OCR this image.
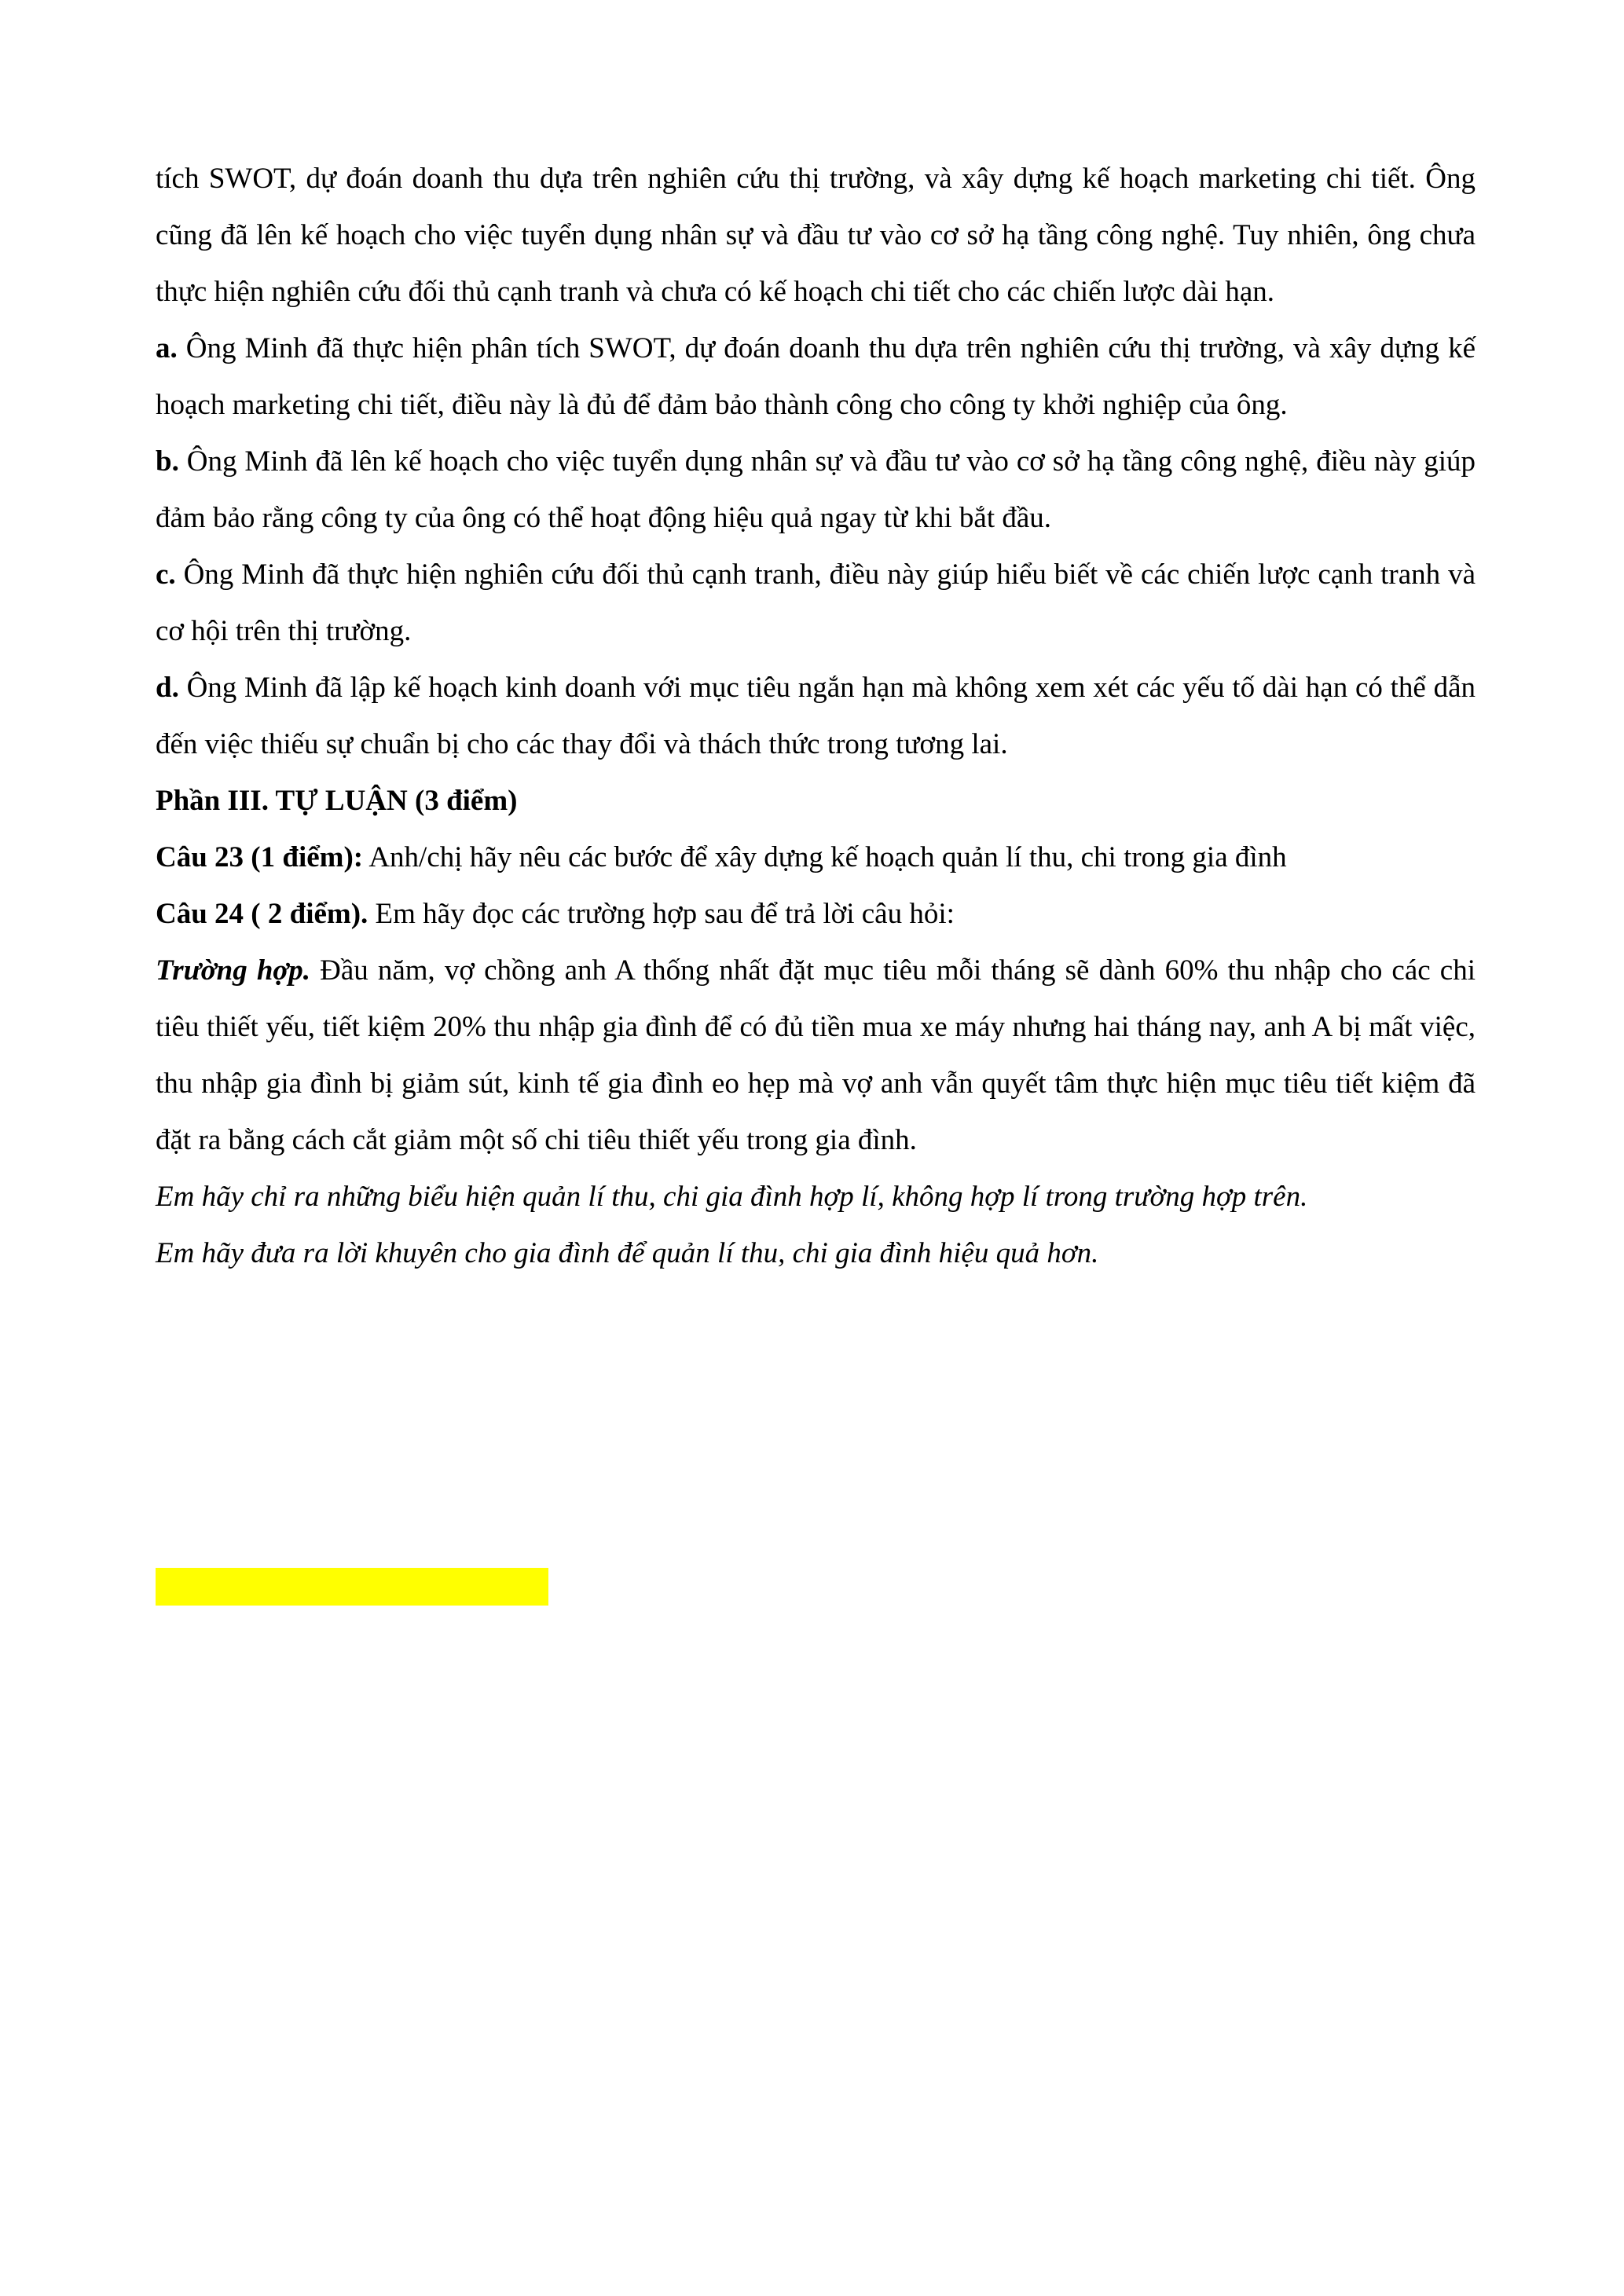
tích SWOT, dự đoán doanh thu dựa trên nghiên cứu thị trường, và xây dựng kế hoạch marketing chi tiết. Ông cũng đã lên kế hoạch cho việc tuyển dụng nhân sự và đầu tư vào cơ sở hạ tầng công nghệ. Tuy nhiên, ông chưa thực hiện nghiên cứu đối thủ cạnh tranh và chưa có kế hoạch chi tiết cho các chiến lược dài hạn.

a. Ông Minh đã thực hiện phân tích SWOT, dự đoán doanh thu dựa trên nghiên cứu thị trường, và xây dựng kế hoạch marketing chi tiết, điều này là đủ để đảm bảo thành công cho công ty khởi nghiệp của ông.

b. Ông Minh đã lên kế hoạch cho việc tuyển dụng nhân sự và đầu tư vào cơ sở hạ tầng công nghệ, điều này giúp đảm bảo rằng công ty của ông có thể hoạt động hiệu quả ngay từ khi bắt đầu.

c. Ông Minh đã thực hiện nghiên cứu đối thủ cạnh tranh, điều này giúp hiểu biết về các chiến lược cạnh tranh và cơ hội trên thị trường.

d. Ông Minh đã lập kế hoạch kinh doanh với mục tiêu ngắn hạn mà không xem xét các yếu tố dài hạn có thể dẫn đến việc thiếu sự chuẩn bị cho các thay đổi và thách thức trong tương lai.

Phần III. TỰ LUẬN (3 điểm)

Câu 23 (1 điểm): Anh/chị hãy nêu các bước để xây dựng kế hoạch quản lí thu, chi trong gia đình

Câu 24 ( 2 điểm). Em hãy đọc các trường hợp sau để trả lời câu hỏi:

Trường hợp. Đầu năm, vợ chồng anh A thống nhất đặt mục tiêu mỗi tháng sẽ dành 60% thu nhập cho các chi tiêu thiết yếu, tiết kiệm 20% thu nhập gia đình để có đủ tiền mua xe máy nhưng hai tháng nay, anh A bị mất việc, thu nhập gia đình bị giảm sút, kinh tế gia đình eo hẹp mà vợ anh vẫn quyết tâm thực hiện mục tiêu tiết kiệm đã đặt ra bằng cách cắt giảm một số chi tiêu thiết yếu trong gia đình.

Em hãy chỉ ra những biểu hiện quản lí thu, chi gia đình hợp lí, không hợp lí trong trường hợp trên.

Em hãy đưa ra lời khuyên cho gia đình để quản lí thu, chi gia đình hiệu quả hơn.
